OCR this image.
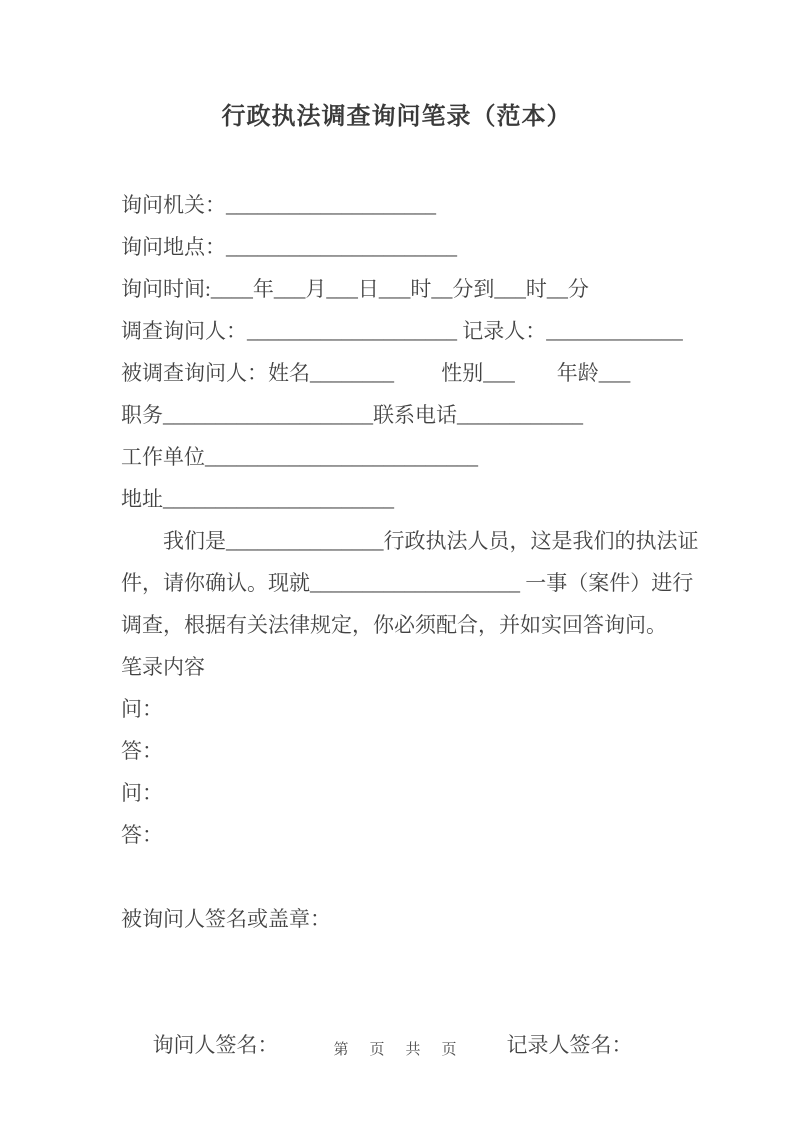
行政执法调查询问笔录（范本）
询问机关：____________________
询问地点：______________________
询问时间:____年___月___日___时__分到___时__分
调查询问人：____________________ 记录人：_____________
被调查询问人：姓名________　　 性别___　　年龄___
职务____________________联系电话____________
工作单位__________________________
地址______________________
我们是_______________行政执法人员，这是我们的执法证
件，请你确认。现就____________________ 一事（案件）进行
调查，根据有关法律规定，你必须配合，并如实回答询问。
笔录内容
问：
答：
问：
答：
被询问人签名或盖章：

询问人签名：	记录人签名：

第　页　共　页
